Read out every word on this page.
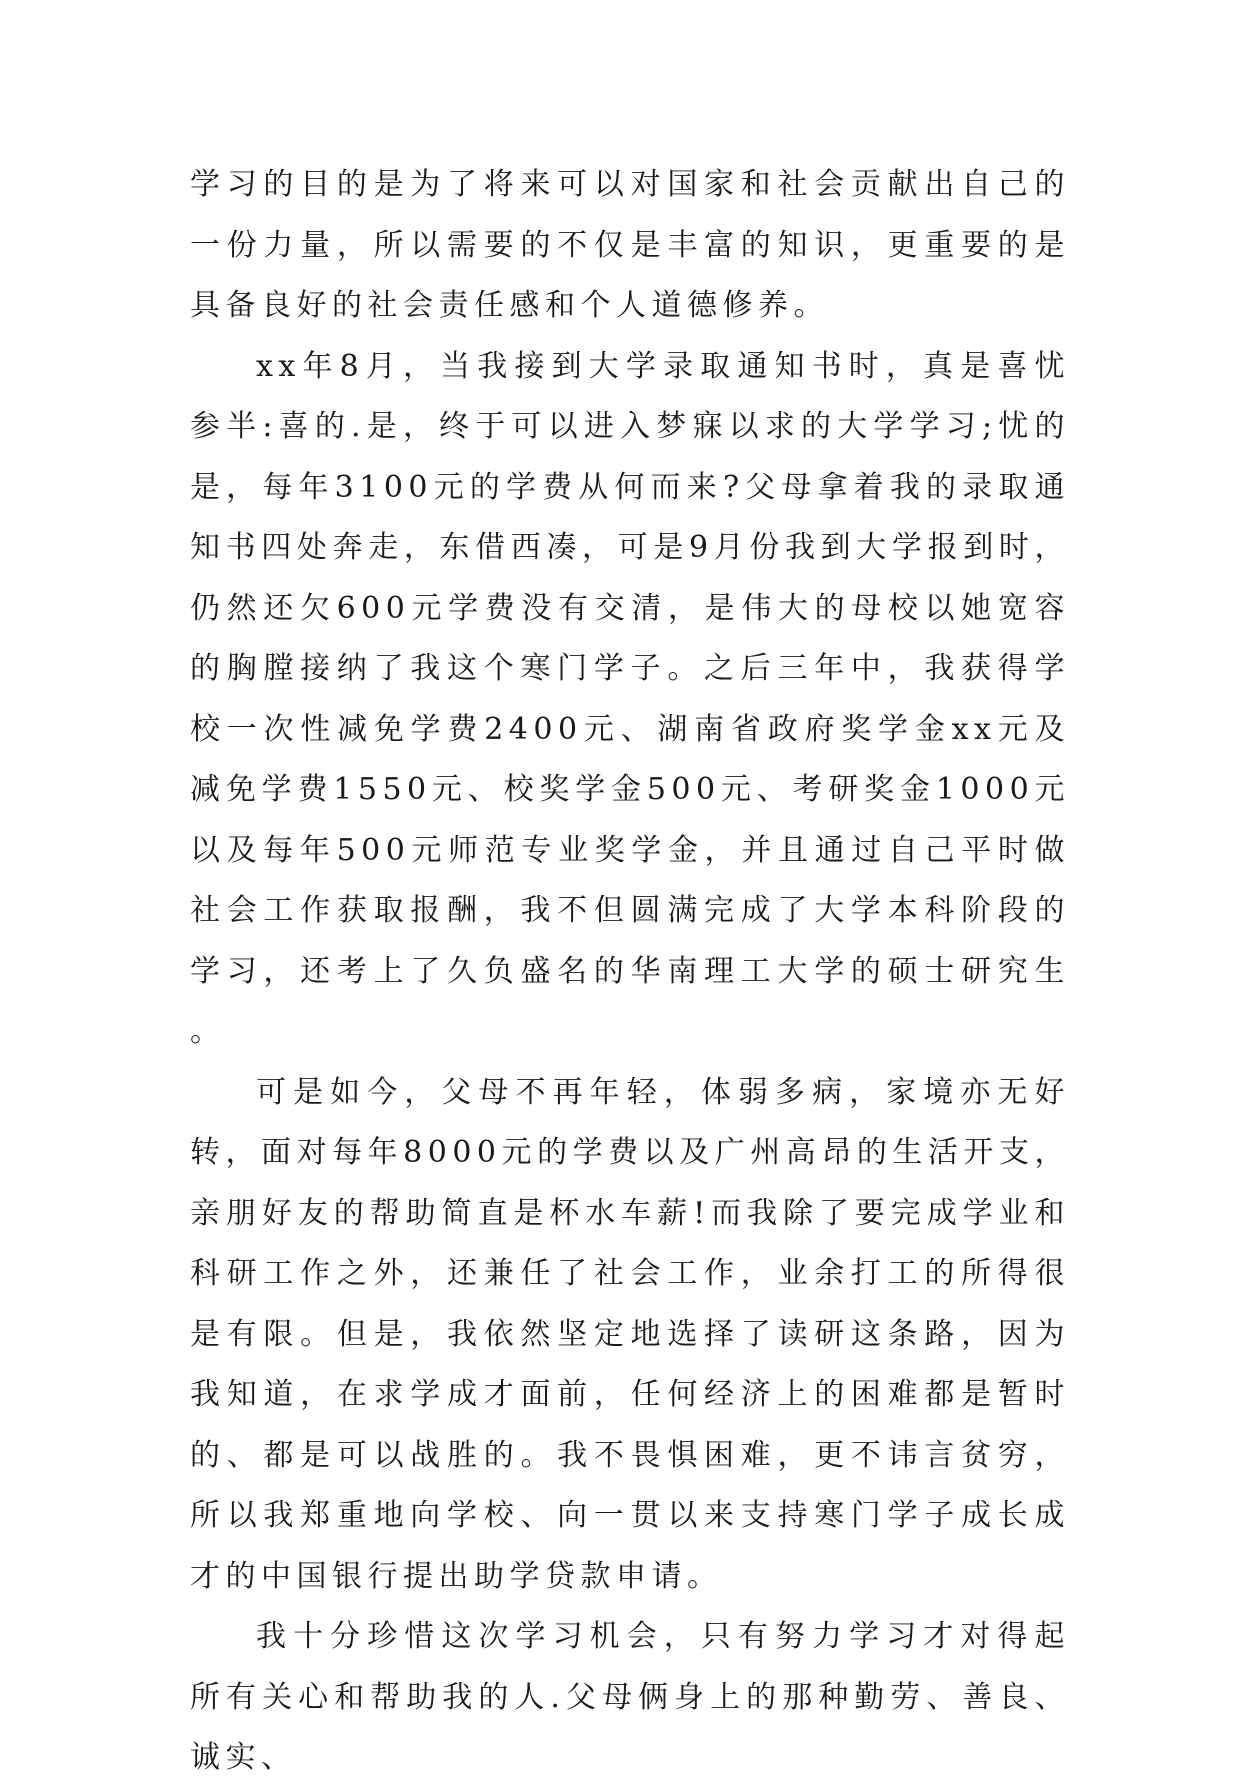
学习的目的是为了将来可以对国家和社会贡献出自己的一份力量，所以需要的不仅是丰富的知识，更重要的是具备良好的社会责任感和个人道德修养。

xx年8月，当我接到大学录取通知书时，真是喜忧参半:喜的.是，终于可以进入梦寐以求的大学学习;忧的是，每年3100元的学费从何而来?父母拿着我的录取通知书四处奔走，东借西凑，可是9月份我到大学报到时，仍然还欠600元学费没有交清，是伟大的母校以她宽容的胸膛接纳了我这个寒门学子。之后三年中，我获得学校一次性减免学费2400元、湖南省政府奖学金xx元及减免学费1550元、校奖学金500元、考研奖金1000元以及每年500元师范专业奖学金，并且通过自己平时做社会工作获取报酬，我不但圆满完成了大学本科阶段的学习，还考上了久负盛名的华南理工大学的硕士研究生。

可是如今，父母不再年轻，体弱多病，家境亦无好转，面对每年8000元的学费以及广州高昂的生活开支，亲朋好友的帮助简直是杯水车薪!而我除了要完成学业和科研工作之外，还兼任了社会工作，业余打工的所得很是有限。但是，我依然坚定地选择了读研这条路，因为我知道，在求学成才面前，任何经济上的困难都是暂时的、都是可以战胜的。我不畏惧困难，更不讳言贫穷，所以我郑重地向学校、向一贯以来支持寒门学子成长成才的中国银行提出助学贷款申请。

我十分珍惜这次学习机会，只有努力学习才对得起所有关心和帮助我的人.父母俩身上的那种勤劳、善良、诚实、
